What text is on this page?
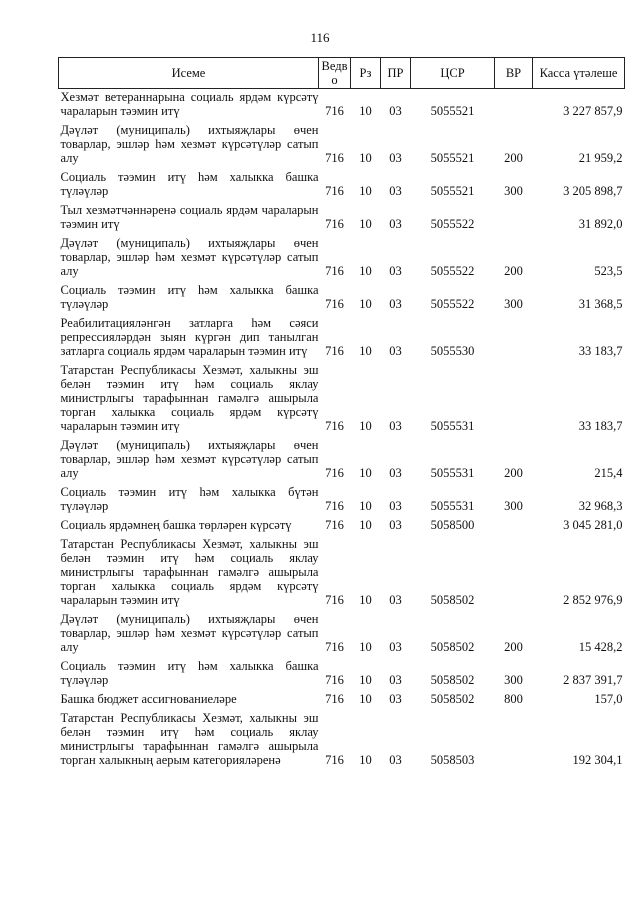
116
Исеме	Ведво	Рз	ПР	ЦСР	ВР	Касса үтәлеше
Хезмәт ветераннарына социаль ярдәм күрсәтү чараларын тәэмин итү	716	10	03	5055521		3 227 857,9
Дәүләт (муниципаль) ихтыяҗлары өчен товарлар, эшләр һәм хезмәт күрсәтүләр сатып алу	716	10	03	5055521	200	21 959,2
Социаль тәэмин итү һәм халыкка башка түләүләр	716	10	03	5055521	300	3 205 898,7
Тыл хезмәтчәннәренә социаль ярдәм чараларын тәэмин итү	716	10	03	5055522		31 892,0
Дәүләт (муниципаль) ихтыяҗлары өчен товарлар, эшләр һәм хезмәт күрсәтүләр сатып алу	716	10	03	5055522	200	523,5
Социаль тәэмин итү һәм халыкка башка түләүләр	716	10	03	5055522	300	31 368,5
Реабилитацияләнгән затларга һәм сәяси репрессияләрдән зыян күргән дип танылган затларга социаль ярдәм чараларын тәэмин итү	716	10	03	5055530		33 183,7
Татарстан Республикасы Хезмәт, халыкны эш белән тәэмин итү һәм социаль яклау министрлыгы тарафыннан гамәлгә ашырыла торган халыкка социаль ярдәм күрсәтү чараларын тәэмин итү	716	10	03	5055531		33 183,7
Дәүләт (муниципаль) ихтыяҗлары өчен товарлар, эшләр һәм хезмәт күрсәтүләр сатып алу	716	10	03	5055531	200	215,4
Социаль тәэмин итү һәм халыкка бүтән түләүләр	716	10	03	5055531	300	32 968,3
Социаль ярдәмнең башка төрләрен күрсәтү	716	10	03	5058500		3 045 281,0
Татарстан Республикасы Хезмәт, халыкны эш белән тәэмин итү һәм социаль яклау министрлыгы тарафыннан гамәлгә ашырыла торган халыкка социаль ярдәм күрсәтү чараларын тәэмин итү	716	10	03	5058502		2 852 976,9
Дәүләт (муниципаль) ихтыяҗлары өчен товарлар, эшләр һәм хезмәт күрсәтүләр сатып алу	716	10	03	5058502	200	15 428,2
Социаль тәэмин итү һәм халыкка башка түләүләр	716	10	03	5058502	300	2 837 391,7
Башка бюджет ассигнованиеләре	716	10	03	5058502	800	157,0
Татарстан Республикасы Хезмәт, халыкны эш белән тәэмин итү һәм социаль яклау министрлыгы тарафыннан гамәлгә ашырыла торган халыкның аерым категорияләренә	716	10	03	5058503		192 304,1
